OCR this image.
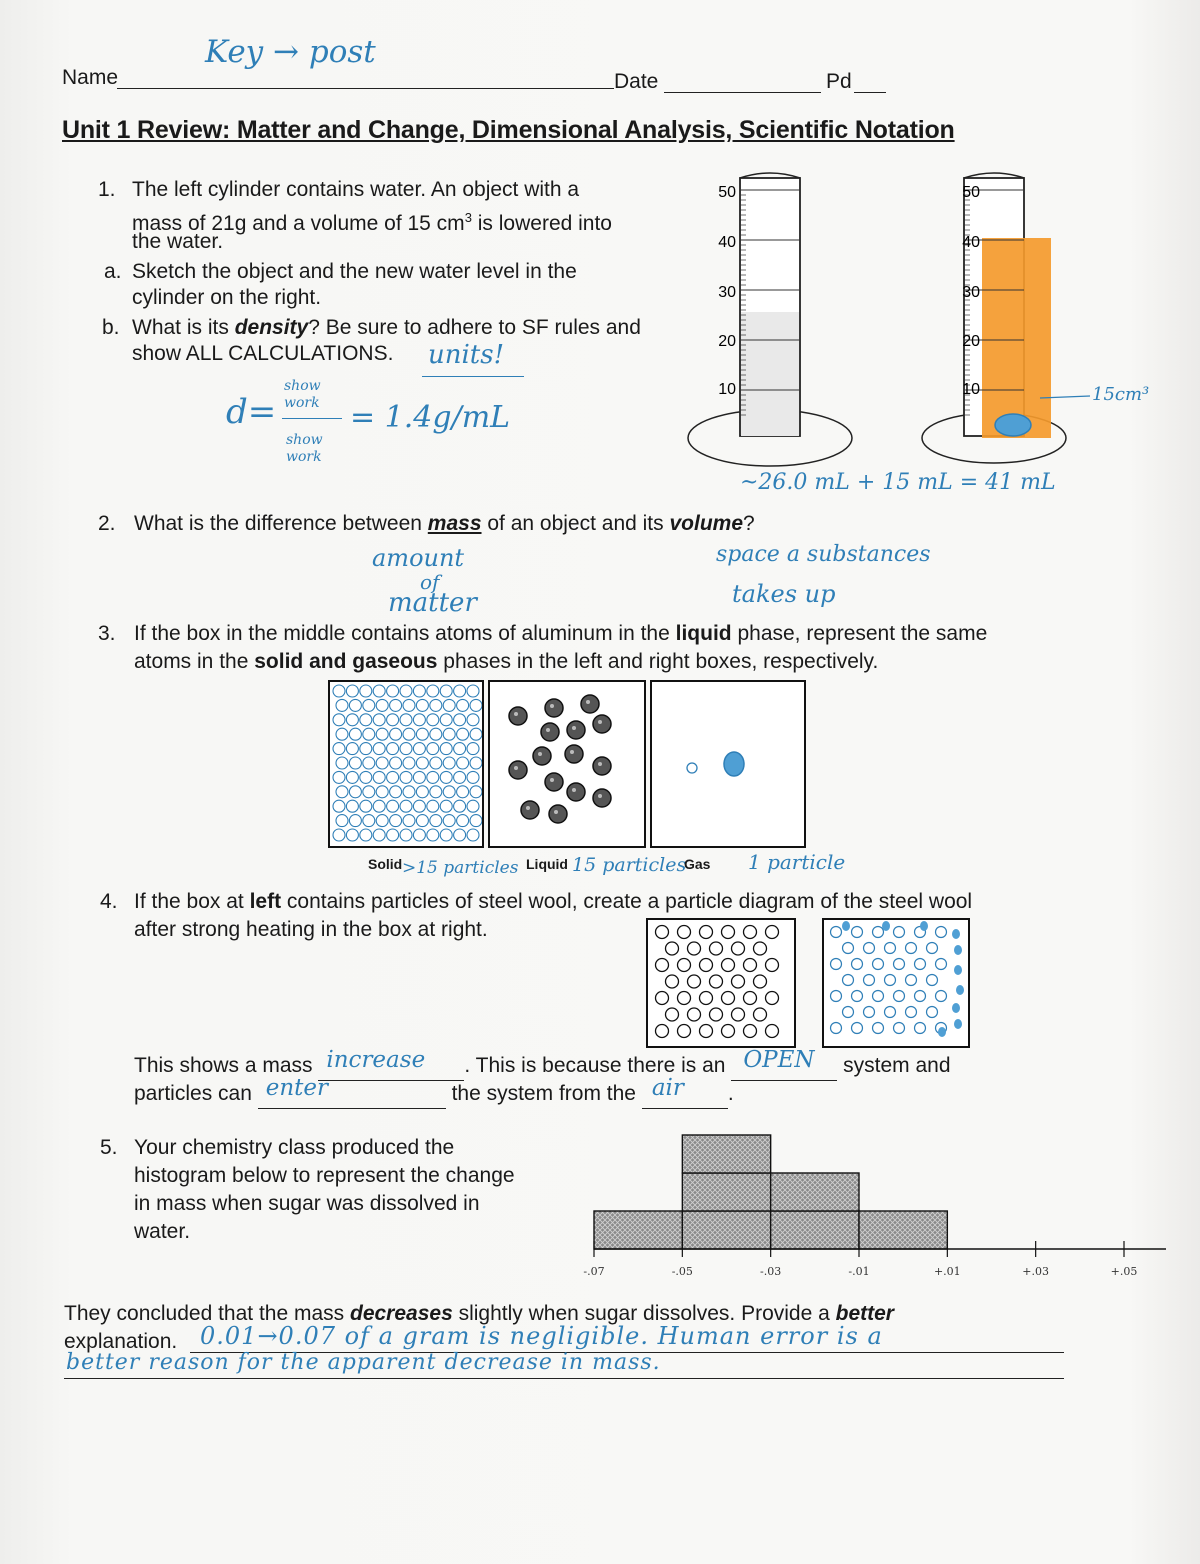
Name
Key → post
Date	Pd
Unit 1 Review: Matter and Change, Dimensional Analysis, Scientific Notation
1. The left cylinder contains water. An object with a
mass of 21g and a volume of 15 $cm^3$ is lowered into
the water.
a. Sketch the object and the new water level in the
cylinder on the right.
b. What is its density? Be sure to adhere to SF rules and
show ALL CALCULATIONS. units!
d=
show work
show work
= 1.4g/mL
50
40
30
20
10
50
40
30
20
10	15cm³
~26.0 mL + 15 mL = 41 mL
2. What is the difference between mass of an object and its volume?
amount
of
matter
space a substances
takes up
3. If the box in the middle contains atoms of aluminum in the liquid phase, represent the same
atoms in the solid and gaseous phases in the left and right boxes, respectively.
Solid >15 particles Liquid 15 particles
Gas 1 particle
4. If the box at left contains particles of steel wool, create a particle diagram of the steel wool
after strong heating in the box at right.
This shows a mass increase . This is because there is an OPEN system and
particles can enter	the system from the air .
5. Your chemistry class produced the
histogram below to represent the change
in mass when sugar was dissolved in
water.
-.07	-.05	-.03	-.01	+.01	+.03	+.05
They concluded that the mass decreases slightly when sugar dissolves. Provide a better
explanation. 0.01→0.07 of a gram is negligible. Human error is a
better reason for the apparent decrease in mass.
